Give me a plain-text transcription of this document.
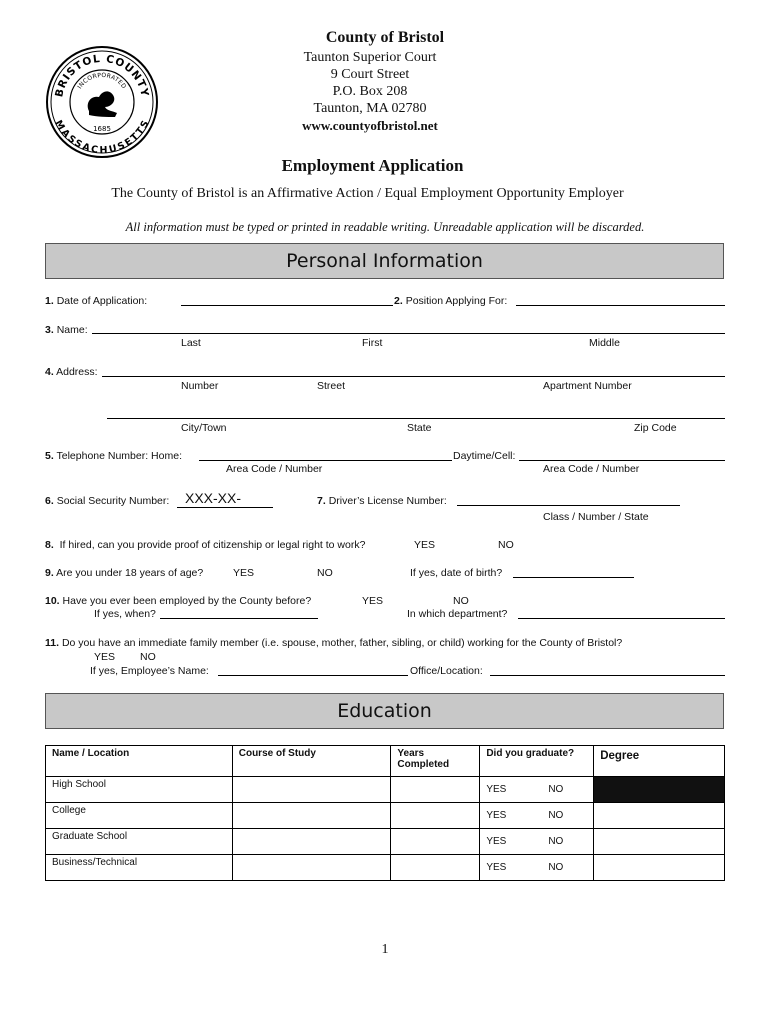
BRISTOL COUNTY
MASSACHUSETTS
INCORPORATED
1685
County of Bristol
Taunton Superior Court
9 Court Street
P.O. Box 208
Taunton, MA 02780
www.countyofbristol.net
Employment Application
The County of Bristol is an Affirmative Action / Equal Employment Opportunity Employer
All information must be typed or printed in readable writing. Unreadable application will be discarded.
Personal Information
1. Date of Application:	2. Position Applying For:
3. Name:
Last	First	Middle
4. Address:
Number	Street	Apartment Number
City/Town	State	Zip Code
5. Telephone Number: Home:	Daytime/Cell:
Area Code / Number	Area Code / Number
6. Social Security Number: XXX-XX-	7. Driver’s License Number:
Class / Number / State
8. If hired, can you provide proof of citizenship or legal right to work?	YES	NO
9. Are you under 18 years of age?	YES	NO	If yes, date of birth?
10. Have you ever been employed by the County before?	YES	NO
If yes, when?	In which department?
11. Do you have an immediate family member (i.e. spouse, mother, father, sibling, or child) working for the County of Bristol?
YES NO
If yes, Employee’s Name:	Office/Location:
Education
Name / Location	Course of Study	Years Completed	Did you graduate?	Degree
High School			YES NO	
College			YES NO	
Graduate School			YES NO	
Business/Technical			YES NO	
1
